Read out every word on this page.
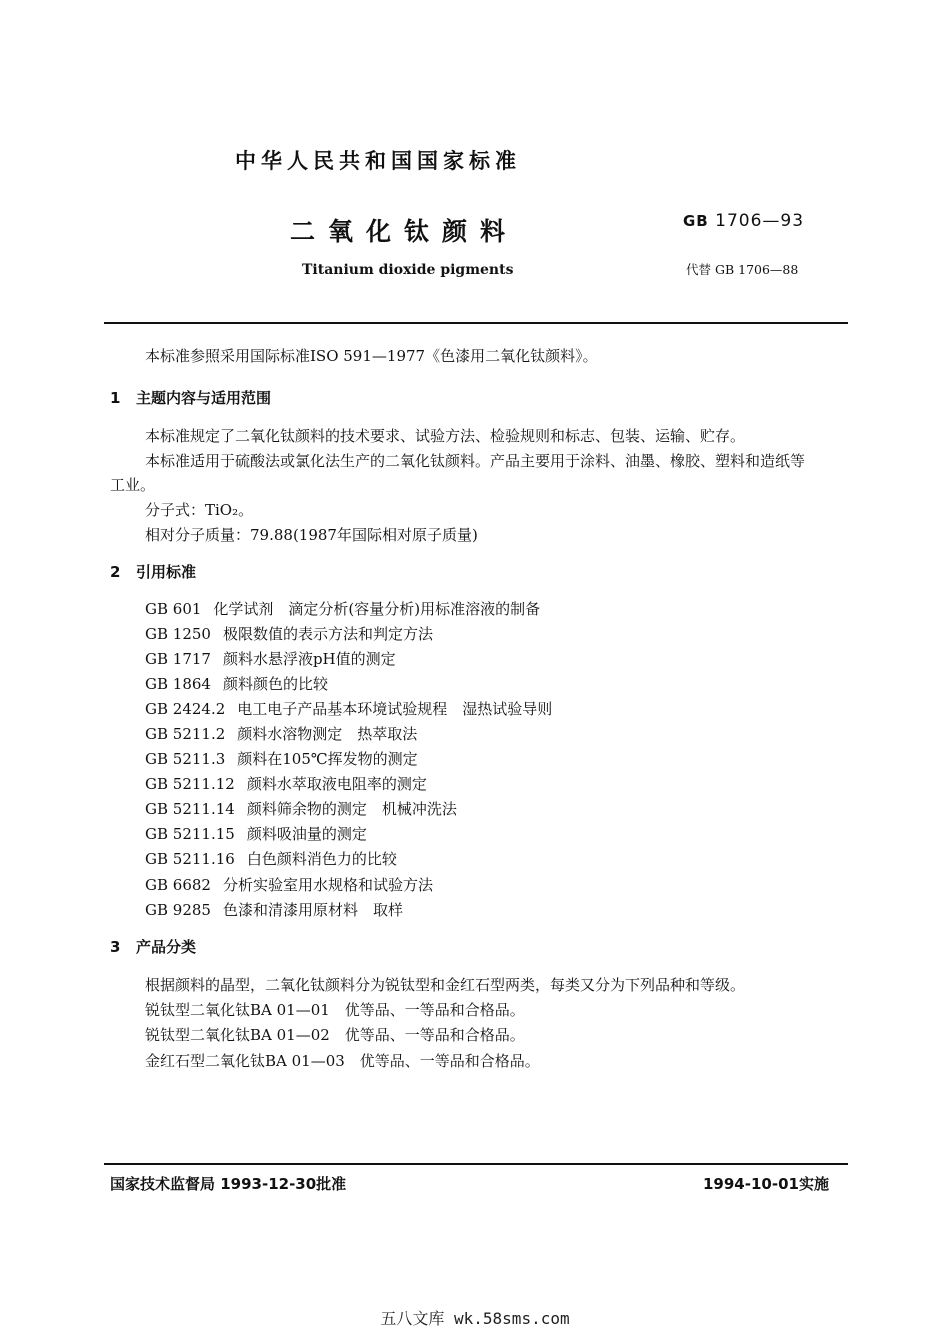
中华人民共和国国家标准
二氧化钛颜料
Titanium dioxide pigments
GB 1706—93
代替 GB 1706—88
本标准参照采用国际标准ISO 591—1977《色漆用二氧化钛颜料》。
1 主题内容与适用范围
本标准规定了二氧化钛颜料的技术要求、试验方法、检验规则和标志、包装、运输、贮存。
本标准适用于硫酸法或氯化法生产的二氧化钛颜料。产品主要用于涂料、油墨、橡胶、塑料和造纸等
工业。
分子式：TiO₂。
相对分子质量：79.88(1987年国际相对原子质量)
2 引用标准
GB 601 化学试剂　滴定分析(容量分析)用标准溶液的制备
GB 1250 极限数值的表示方法和判定方法
GB 1717 颜料水悬浮液pH值的测定
GB 1864 颜料颜色的比较
GB 2424.2 电工电子产品基本环境试验规程　湿热试验导则
GB 5211.2 颜料水溶物测定　热萃取法
GB 5211.3 颜料在105℃挥发物的测定
GB 5211.12 颜料水萃取液电阻率的测定
GB 5211.14 颜料筛余物的测定　机械冲洗法
GB 5211.15 颜料吸油量的测定
GB 5211.16 白色颜料消色力的比较
GB 6682 分析实验室用水规格和试验方法
GB 9285 色漆和清漆用原材料　取样
3 产品分类
根据颜料的晶型，二氧化钛颜料分为锐钛型和金红石型两类，每类又分为下列品种和等级。
锐钛型二氧化钛BA 01—01　优等品、一等品和合格品。
锐钛型二氧化钛BA 01—02　优等品、一等品和合格品。
金红石型二氧化钛BA 01—03　优等品、一等品和合格品。
国家技术监督局 1993-12-30批准	1994-10-01实施
五八文库 wk.58sms.com
